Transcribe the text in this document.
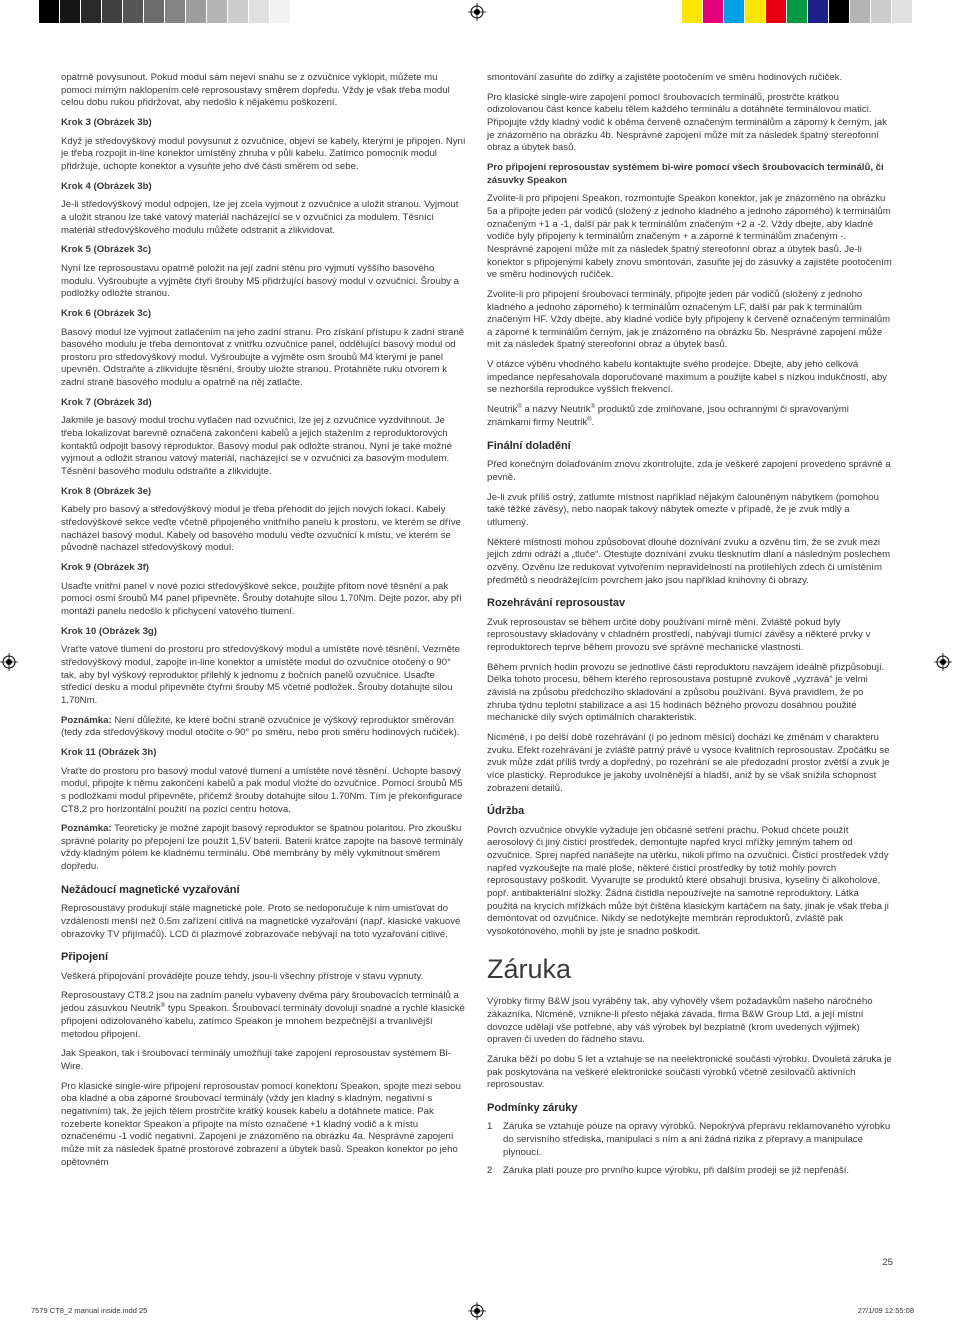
opatrně povysunout. Pokud modul sám nejeví snahu se z ozvučnice vyklopit, můžete mu pomoci mírným naklopením celé reprosoustavy směrem dopředu. Vždy je však třeba modul celou dobu rukou přidržovat, aby nedošlo k nějakému poškození.

Krok 3 (Obrázek 3b)

Když je středovýškový modul povysunut z ozvučnice, objeví se kabely, kterými je připojen. Nyní je třeba rozpojit in-line konektor umístěný zhruba v půli kabelu. Zatímco pomocník modul přidržuje, uchopte konektor a vysuňte jeho dvě části směrem od sebe.

Krok 4 (Obrázek 3b)

Je-li středovýškový modul odpojen, lze jej zcela vyjmout z ozvučnice a uložit stranou. Vyjmout a uložit stranou lze také vatový materiál nacházející se v ozvučnici za modulem. Těsnící materiál středovýškového modulu můžete odstranit a zlikvidovat.

Krok 5 (Obrázek 3c)

Nyní lze reprosoustavu opatrně položit na její zadní stěnu pro vyjmutí vyššího basového modulu. Vyšroubujte a vyjměte čtyři šrouby M5 přidržující basový modul v ozvučnici. Šrouby a podložky odložte stranou.

Krok 6 (Obrázek 3c)

Basový modul lze vyjmout zatlačením na jeho zadní stranu. Pro získání přístupu k zadní straně basového modulu je třeba demontovat z vnitřku ozvučnice panel, oddělující basový modul od prostoru pro středovýškový modul. Vyšroubujte a vyjměte osm šroubů M4 kterými je panel upevněn. Odstraňte a zlikvidujte těsnění, šrouby uložte stranou. Protáhněte ruku otvorem k zadní straně basového modulu a opatrně na něj zatlačte.

Krok 7 (Obrázek 3d)

Jakmile je basový modul trochu vytlačen nad ozvučnici, lze jej z ozvučnice vyzdvihnout. Je třeba lokalizovat barevně označená zakončení kabelů a jejich stažením z reproduktorových kontaktů odpojit basový reproduktor. Basový modul pak odložte stranou. Nyní je také možné vyjmout a odložit stranou vatový materiál, nacházející se v ozvučnici za basovým modulem. Těsnění basového modulu odstraňte a zlikvidujte.

Krok 8 (Obrázek 3e)

Kabely pro basový a středovýškový modul je třeba přehodit do jejich nových lokací. Kabely středovýškové sekce veďte včetně připojeného vnitřního panelu k prostoru, ve kterém se dříve nacházel basový modul. Kabely od basového modulu veďte ozvučnicí k místu, ve kterém se původně nacházel středovýškový modul.

Krok 9 (Obrázek 3f)

Usaďte vnitřní panel v nové pozici středovýškové sekce, použijte přitom nové těsnění a pak pomocí osmi šroubů M4 panel připevněte. Šrouby dotahujte silou 1.70Nm. Dejte pozor, aby při montáži panelu nedošlo k přichycení vatového tlumení.

Krok 10 (Obrázek 3g)

Vraťte vatové tlumení do prostoru pro středovýškový modul a umístěte nové těsnění. Vezměte středovýškový modul, zapojte in-line konektor a umístěte modul do ozvučnice otočený o 90° tak, aby byl výškový reproduktor přilehlý k jednomu z bočních panelů ozvučnice. Usaďte středicí desku a modul připevněte čtyřmi šrouby M5 včetně podložek. Šrouby dotahujte silou 1.70Nm.

Poznámka: Není důležité, ke které boční straně ozvučnice je výškový reproduktor směrován (tedy zda středovýškový modul otočíte o 90° po směru, nebo proti směru hodinových ručiček).

Krok 11 (Obrázek 3h)

Vraťte do prostoru pro basový modul vatové tlumení a umístěte nové těsnění. Uchopte basový modul, připojte k němu zakončení kabelů a pak modul vložte do ozvučnice. Pomocí šroubů M5 s podložkami modul připevněte, přičemž šrouby dotahujte silou 1.70Nm. Tím je překonfigurace CT8.2 pro horizontální použití na pozici centru hotova.

Poznámka: Teoreticky je možné zapojit basový reproduktor se špatnou polaritou. Pro zkoušku správné polarity po přepojení lze použít 1,5V baterii. Baterii krátce zapojte na basové terminály vždy kladným pólem ke kladnému terminálu. Obě membrány by měly vykmitnout směrem dopředu.

Nežádoucí magnetické vyzařování

Reprosoustavy produkují stálé magnetické pole. Proto se nedoporučuje k nim umisťovat do vzdálenosti menší než 0.5m zařízení citlivá na magnetické vyzařování (např. klasické vakuové obrazovky TV přijímačů). LCD či plazmové zobrazovače nebývají na toto vyzařování citlivé.

Připojení

Veškerá připojování provádějte pouze tehdy, jsou-li všechny přístroje v stavu vypnuty.

Reprosoustavy CT8.2 jsou na zadním panelu vybaveny dvěma páry šroubovacích terminálů a jedou zásuvkou Neutrik® typu Speakon. Šroubovací terminály dovolují snadné a rychlé klasické připojení odizolovaného kabelu, zatímco Speakon je mnohem bezpečnější a trvanlivější metodou připojení.

Jak Speakon, tak i šroubovací terminály umožňují také zapojení reprosoustav systémem Bi-Wire.

Pro klasické single-wire připojení reprosoustav pomocí konektoru Speakon, spojte mezi sebou oba kladné a oba záporné šroubovací terminály (vždy jen kladný s kladným, negativní s negativním) tak, že jejich tělem prostrčíte krátký kousek kabelu a dotáhnete matice. Pak rozeberte konektor Speakon a připojte na místo označené +1 kladný vodič a k místu označenému -1 vodič negativní. Zapojení je znázorněno na obrázku 4a. Nesprávné zapojení může mít za následek špatné prostorové zobrazení a úbytek basů. Speakon konektor po jeho opětovném

smontování zasuňte do zdířky a zajistěte pootočením ve směru hodinových ručiček.

Pro klasické single-wire zapojení pomocí šroubovacích terminálů, prostrčte krátkou odizolovanou část konce kabelu tělem každého terminálu a dotáhněte terminálovou matici. Připojujte vždy kladný vodič k oběma červeně označeným terminálům a záporný k černým, jak je znázorněno na obrázku 4b. Nesprávné zapojení může mít za následek špatný stereofonní obraz a úbytek basů.

Pro připojení reprosoustav systémem bi-wire pomocí všech šroubovacích terminálů, či zásuvky Speakon

Zvolíte-li pro připojení Speakon, rozmontujte Speakon konektor, jak je znázorněno na obrázku 5a a připojte jeden pár vodičů (složený z jednoho kladného a jednoho záporného) k terminálům označeným +1 a -1, další pár pak k terminálům značeným +2 a -2. Vždy dbejte, aby kladné vodiče byly připojeny k terminálům značeným + a záporné k terminálům značeným -. Nesprávné zapojení může mít za následek špatný stereofonní obraz a úbytek basů. Je-li konektor s připojenými kabely znovu smontován, zasuňte jej do zásuvky a zajistěte pootočením ve směru hodinových ručiček.

Zvolíte-li pro připojení šroubovací terminály, připojte jeden pár vodičů (složený z jednoho kladného a jednoho záporného) k terminálům označeným LF, další pár pak k terminálům značeným HF. Vždy dbejte, aby kladné vodiče byly připojeny k červeně označeným terminálům a záporné k terminálům černým, jak je znázorněno na obrázku 5b. Nesprávné zapojení může mít za následek špatný stereofonní obraz a úbytek basů.

V otázce výběru vhodného kabelu kontaktujte svého prodejce. Dbejte, aby jeho celková impedance nepřesahovala doporučované maximum a použijte kabel s nízkou indukčností, aby se nezhoršila reprodukce vyšších frekvencí.

Neutrik® a názvy Neutrik® produktů zde zmiňované, jsou ochrannými či spravovanými známkami firmy Neutrik®.

Finální doladění

Před konečným dolaďováním znovu zkontrolujte, zda je veškeré zapojení provedeno správně a pevně.

Je-li zvuk příliš ostrý, zatlumte místnost například nějakým čalouněným nábytkem (pomohou také těžké závěsy), nebo naopak takový nábytek omezte v případě, že je zvuk mdlý a utlumený.

Některé místnosti mohou způsobovat dlouhé doznívání zvuku a ozvěnu tím, že se zvuk mezi jejich zdmi odráží a „tluče“. Otestujte doznívání zvuku tlesknutím dlaní a následným poslechem ozvěny. Ozvěnu lze redukovat vytvořením nepravidelností na protilehlých zdech či umístěním předmětů s neodrážejícím povrchem jako jsou například knihovny či obrazy.

Rozehrávání reprosoustav

Zvuk reprosoustav se během určité doby používání mírně mění. Zvláště pokud byly reprosoustavy skladovány v chladném prostředí, nabývají tlumící závěsy a některé prvky v reproduktorech teprve během provozu své správné mechanické vlastnosti.

Během prvních hodin provozu se jednotlivé části reproduktoru navzájem ideálně přizpůsobují. Délka tohoto procesu, během kterého reprosoustava postupně zvukově „vyzrává“ je velmi závislá na způsobu předchozího skladování a způsobu používání. Bývá pravidlem, že po zhruba týdnu teplotní stabilizace a asi 15 hodinách běžného provozu dosáhnou použité mechanické díly svých optimálních charakteristik.

Nicméně, i po delší době rozehrávání (i po jednom měsíci) dochází ke změnám v charakteru zvuku. Efekt rozehrávání je zvláště patrný právě u vysoce kvalitních reprosoustav. Zpočátku se zvuk může zdát příliš tvrdý a dopředný, po rozehrání se ale předozadní prostor zvětší a zvuk je více plastický. Reprodukce je jakoby uvolněnější a hladší, aniž by se však snížila schopnost zobrazení detailů.

Údržba

Povrch ozvučnice obvykle vyžaduje jen občasné setření prachu. Pokud chcete použít aerosolový či jiný čisticí prostředek, demontujte napřed krycí mřížky jemným tahem od ozvučnice. Sprej napřed nanášejte na utěrku, nikoli přímo na ozvučnici. Čisticí prostředek vždy napřed vyzkoušejte na malé ploše, některé čisticí prostředky by totiž mohly povrch reprosoustavy poškodit. Vyvarujte se produktů které obsahují brusiva, kyseliny či alkoholové, popř. antibakteriální složky. Žádná čistidla nepoužívejte na samotné reproduktory. Látka použitá na krycích mřížkách může být čištěna klasickým kartáčem na šaty, jinak je však třeba ji demontovat od ozvučnice. Nikdy se nedotýkejte membrán reproduktorů, zvláště pak vysokotónového, mohli by jste je snadno poškodit.

Záruka

Výrobky firmy B&W jsou vyráběny tak, aby vyhověly všem požadavkům našeho náročného zákazníka. Nicméně, vznikne-li přesto nějaká závada, firma B&W Group Ltd. a její místní dovozce udělají vše potřebné, aby váš výrobek byl bezplatně (krom uvedených výjimek) opraven či uveden do řádného stavu.

Záruka běží po dobu 5 let a vztahuje se na neelektronické součásti výrobku. Dvouletá záruka je pak poskytována na veškeré elektronické součásti výrobků včetně zesilovačů aktivních reprosoustav.

Podmínky záruky
1	Záruka se vztahuje pouze na opravy výrobků. Nepokrývá přepravu reklamovaného výrobku do servisního střediska, manipulaci s ním a ani žádná rizika z přepravy a manipulace plynoucí.
2	Záruka platí pouze pro prvního kupce výrobku, při dalším prodeji se již nepřenáší.
25
7579 CT8_2 manual inside.indd 25	27/1/09 12:55:08
